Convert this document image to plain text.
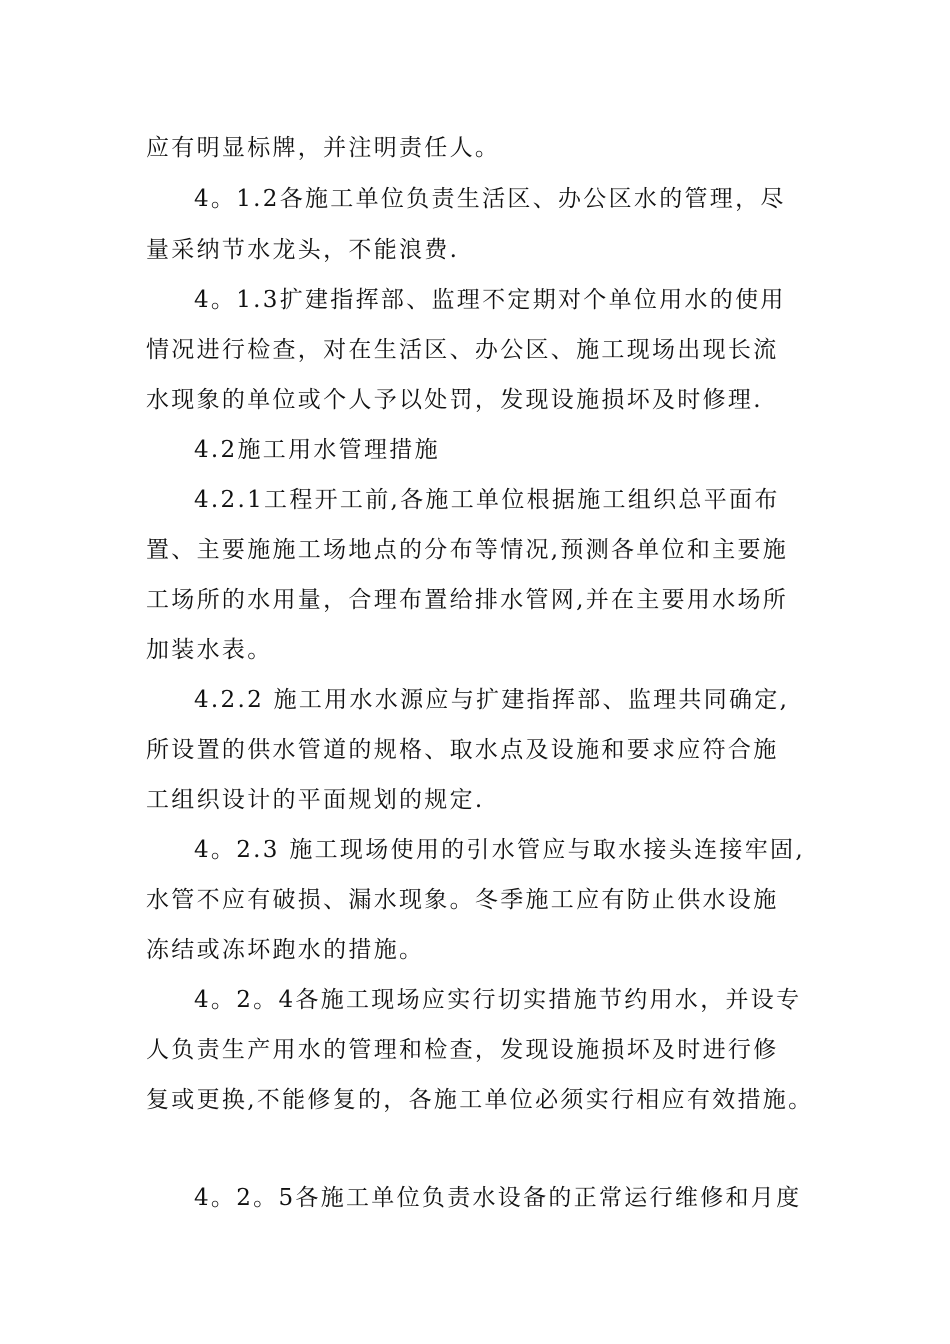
应有明显标牌，并注明责任人。

4。1.2各施工单位负责生活区、办公区水的管理，尽

量采纳节水龙头，不能浪费.

4。1.3扩建指挥部、监理不定期对个单位用水的使用

情况进行检查，对在生活区、办公区、施工现场出现长流

水现象的单位或个人予以处罚，发现设施损坏及时修理.

4.2施工用水管理措施

4.2.1工程开工前,各施工单位根据施工组织总平面布

置、主要施施工场地点的分布等情况,预测各单位和主要施

工场所的水用量，合理布置给排水管网,并在主要用水场所

加装水表。

4.2.2 施工用水水源应与扩建指挥部、监理共同确定,

所设置的供水管道的规格、取水点及设施和要求应符合施

工组织设计的平面规划的规定.

4。2.3 施工现场使用的引水管应与取水接头连接牢固,

水管不应有破损、漏水现象。冬季施工应有防止供水设施

冻结或冻坏跑水的措施。

4。2。4各施工现场应实行切实措施节约用水，并设专

人负责生产用水的管理和检查，发现设施损坏及时进行修

复或更换,不能修复的，各施工单位必须实行相应有效措施。

4。2。5各施工单位负责水设备的正常运行维修和月度
